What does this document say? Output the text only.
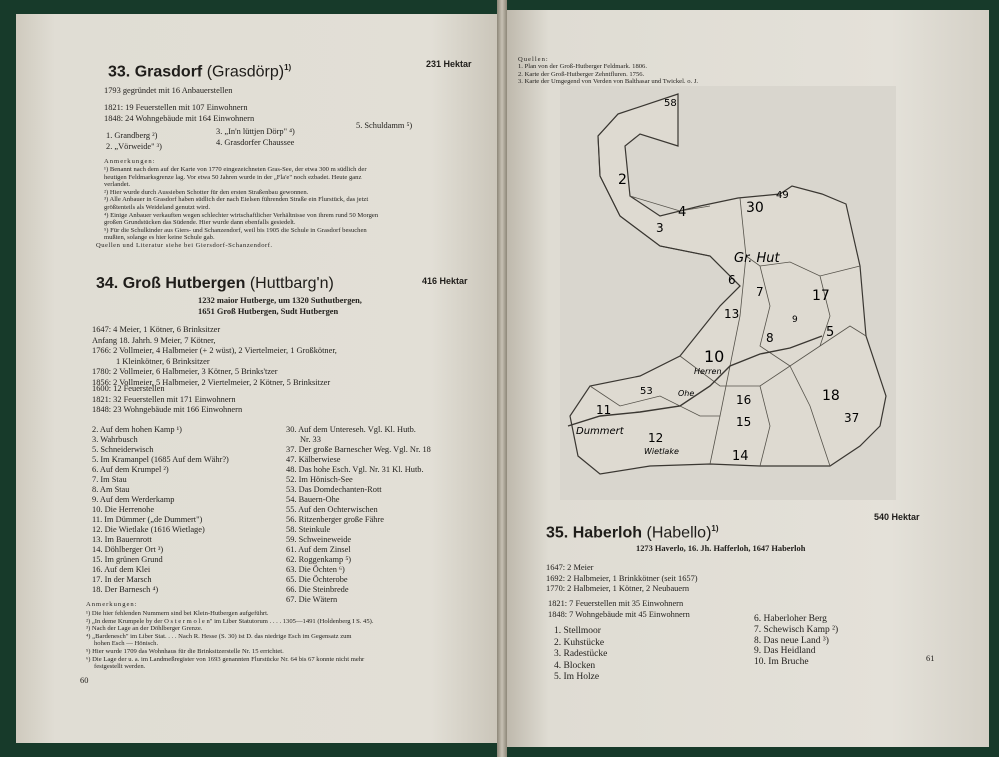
33. Grasdorf (Grasdörp)$^{1)}$	231 Hektar
1793 gegründet mit 16 Anbauerstellen
1821: 19 Feuerstellen mit 107 Einwohnern
1848: 24 Wohngebäude mit 164 Einwohnern
1. Grandberg ²)
2. „Vörweide" ³)
3. „In'n lüttjen Dörp" ⁴)
4. Grasdorfer Chaussee
5. Schuldamm ⁵)
Anmerkungen:
¹) Benannt nach dem auf der Karte von 1770 eingezeichneten Gras-See, der etwa 300 m südlich der
heutigen Feldmarksgrenze lag. Vor etwa 50 Jahren wurde in der „Fla'e" noch ezbadet. Heute ganz
verlandet.
²) Hier wurde durch Aussieben Schotter für den ersten Straßenbau gewonnen.
³) Alle Anbauer in Grasdorf haben südlich der nach Eielsen führenden Straße ein Flurstück, das jetzt
größtenteils als Weideland genutzt wird.
⁴) Einige Anbauer verkauften wegen schlechter wirtschaftlicher Verhältnisse von ihrem rund 50 Morgen
großen Grundstücken das Südende. Hier wurde dann ebenfalls gesiedelt.
⁵) Für die Schulkinder aus Giers- und Schanzendorf, weil bis 1905 die Schule in Grasdorf besuchen
mußten, solange es hier keine Schule gab.
Quellen und Literatur siehe bei Giersdorf-Schanzendorf.
34. Groß Hutbergen (Huttbarg'n)	416 Hektar
1232 maior Hutberge, um 1320 Suthutbergen,
1651 Groß Hutbergen, Sudt Hutbergen
1647: 4 Meier, 1 Kötner, 6 Brinksitzer
Anfang 18. Jahrh. 9 Meier, 7 Kötner,
1766: 2 Vollmeier, 4 Halbmeier (+ 2 wüst), 2 Viertelmeier, 1 Großkötner,
1 Kleinkötner, 6 Brinksitzer
1780: 2 Vollmeier, 6 Halbmeier, 3 Kötner, 5 Brinks'tzer
1856: 2 Vollmeier, 5 Halbmeier, 2 Viertelmeier, 2 Kötner, 5 Brinksitzer
1600: 12 Feuerstellen
1821: 32 Feuerstellen mit 171 Einwohnern
1848: 23 Wohngebäude mit 166 Einwohnern
2. Auf dem hohen Kamp ¹)
3. Wahrbusch
5. Schneiderwisch
5. Im Kramanpel (1685 Auf dem Währ?)
6. Auf dem Krumpel ²)
7. Im Stau
8. Am Stau
9. Auf dem Werderkamp
10. Die Herrenohe
11. Im Dümmer („de Dummert")
12. Die Wietlake (1616 Wietlage)
13. Im Bauernrott
14. Döhlberger Ort ³)
15. Im grünen Grund
16. Auf dem Klei
17. In der Marsch
18. Der Barnesch ⁴)
30. Auf dem Untereseh. Vgl. Kl. Hutb.
Nr. 33
37. Der große Barnescher Weg. Vgl. Nr. 18
47. Kälberwiese
48. Das hohe Esch. Vgl. Nr. 31 Kl. Hutb.
52. Im Hönisch-See
53. Das Domdechanten-Rott
54. Bauern-Ohe
55. Auf den Ochterwischen
56. Ritzenberger große Fähre
58. Steinkule
59. Schweineweide
61. Auf dem Zinsel
62. Roggenkamp ⁵)
63. Die Öchten ⁶)
65. Die Öchterobe
66. Die Steinbrede
67. Die Wätern
Anmerkungen:
¹) Die hier fehlenden Nummern sind bei Klein-Hutbergen aufgeführt.
²) „In deme Krumpele by der O s t e r m o l e n" im Liber Statutorum . . . . 1305—1491 (Holdenberg I S. 45).
³) Nach der Lage an der Döhlberger Grenze.
⁴) „Bardenesch" im Liber Stat. . . . Nach R. Hesse (S. 30) ist D. das niedrige Esch im Gegensatz zum
hohen Esch — Hönisch.
⁵) Hier wurde 1709 das Wohnhaus für die Brinksitzerstelle Nr. 15 errichtet.
⁶) Die Lage der u. a. im Landmeßregister von 1693 genannten Flurstücke Nr. 64 bis 67 konnte nicht mehr
festgestellt werden.
60
Quellen:
1. Plan von der Groß-Hutberger Feldmark. 1806.
2. Karte der Groß-Hutberger Zehntfluren. 1756.
3. Karte der Umgegend von Verden von Balthasar und Twickel. o. J.
58
2
4
3
30
49
Gr. Hut
6
7	17
13
8
9
5
10
Herren
Ohe
53
16	18
11
Dummert 12
Wietlake
15
14
37
35. Haberloh (Habello)$^{1)}$
540 Hektar
1273 Haverlo, 16. Jh. Hafferloh, 1647 Haberloh
1647: 2 Meier
1692: 2 Halbmeier, 1 Brinkkötner (seit 1657)
1770: 2 Halbmeier, 1 Kötner, 2 Neubauern
1821: 7 Feuerstellen mit 35 Einwohnern
1848: 7 Wohngebäude mit 45 Einwohnern
1. Stellmoor
2. Kuhstücke
3. Radestücke
4. Blocken
5. Im Holze
6. Haberloher Berg
7. Schewisch Kamp ²)
8. Das neue Land ³)
9. Das Heidland
10. Im Bruche	61
